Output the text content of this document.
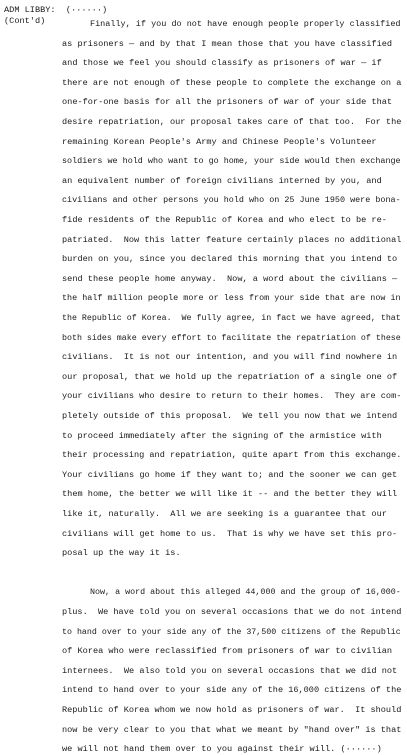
ADM LIBBY:  (······)
(Cont'd)	Finally, if you do not have enough people properly classified
as prisoners — and by that I mean those that you have classified
and those we feel you should classify as prisoners of war — if
there are not enough of these people to complete the exchange on a
one-for-one basis for all the prisoners of war of your side that
desire repatriation, our proposal takes care of that too.  For the
remaining Korean People's Army and Chinese People's Volunteer
soldiers we hold who want to go home, your side would then exchange
an equivalent number of foreign civilians interned by you, and
civilians and other persons you hold who on 25 June 1950 were bona-
fide residents of the Republic of Korea and who elect to be re-
patriated.  Now this latter feature certainly places no additional
burden on you, since you declared this morning that you intend to
send these people home anyway.  Now, a word about the civilians —
the half million people more or less from your side that are now in
the Republic of Korea.  We fully agree, in fact we have agreed, that
both sides make every effort to facilitate the repatriation of these
civilians.  It is not our intention, and you will find nowhere in
our proposal, that we hold up the repatriation of a single one of
your civilians who desire to return to their homes.  They are com-
pletely outside of this proposal.  We tell you now that we intend
to proceed immediately after the signing of the armistice with
their processing and repatriation, quite apart from this exchange.
Your civilians go home if they want to; and the sooner we can get
them home, the better we will like it -- and the better they will
like it, naturally.  All we are seeking is a guarantee that our
civilians will get home to us.  That is why we have set this pro-
posal up the way it is.
Now, a word about this alleged 44,000 and the group of 16,000-
plus.  We have told you on several occasions that we do not intend
to hand over to your side any of the 37,500 citizens of the Republic
of Korea who were reclassified from prisoners of war to civilian
internees.  We also told you on several occasions that we did not
intend to hand over to your side any of the 16,000 citizens of the
Republic of Korea whom we now hold as prisoners of war.  It should
now be very clear to you that what we meant by "hand over" is that
we will not hand them over to you against their will. (······)
